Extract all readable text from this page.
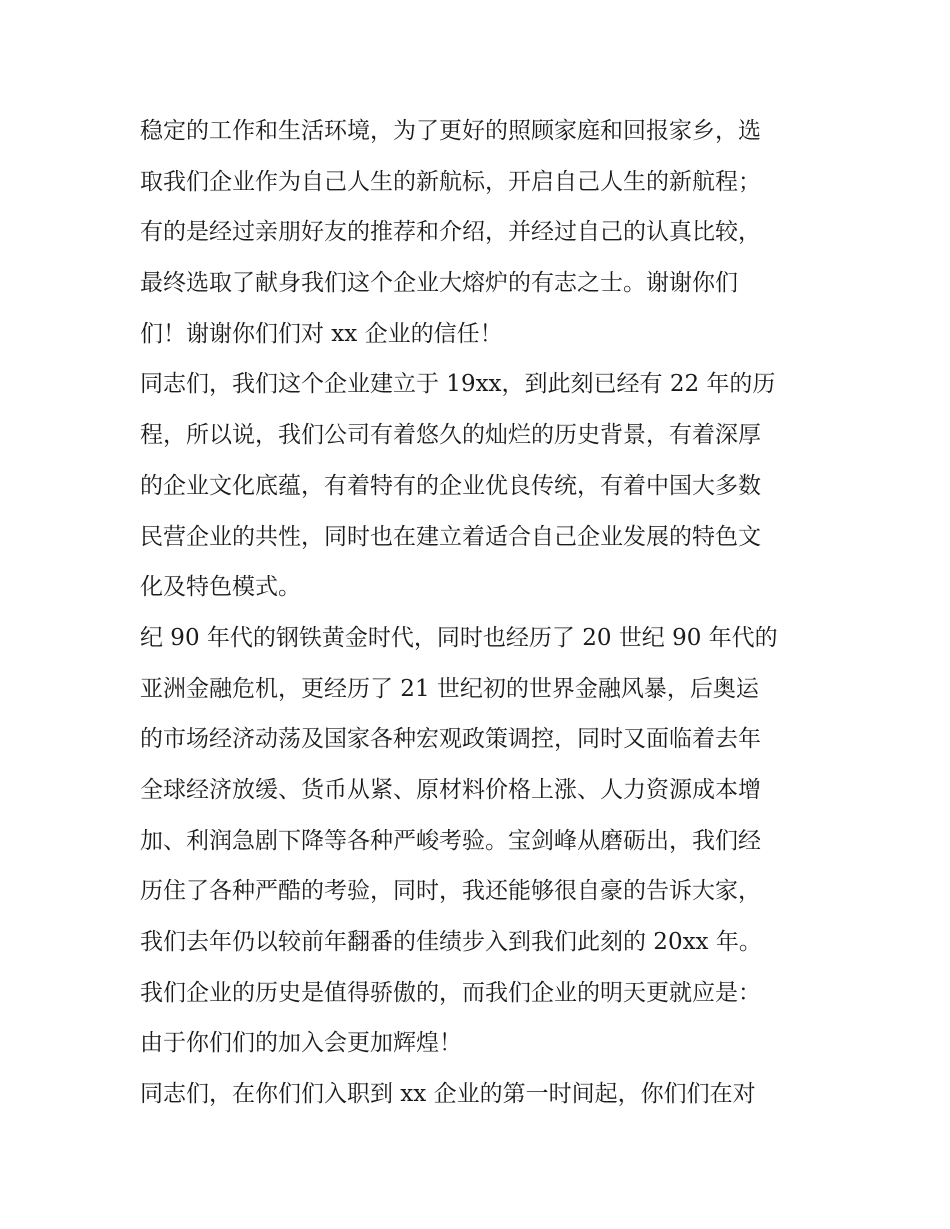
稳定的工作和生活环境，为了更好的照顾家庭和回报家乡，选
取我们企业作为自己人生的新航标，开启自己人生的新航程；
有的是经过亲朋好友的推荐和介绍，并经过自己的认真比较，
最终选取了献身我们这个企业大熔炉的有志之士。谢谢你们
们！谢谢你们们对 xx 企业的信任！
同志们，我们这个企业建立于 19xx，到此刻已经有 22 年的历
程，所以说，我们公司有着悠久的灿烂的历史背景，有着深厚
的企业文化底蕴，有着特有的企业优良传统，有着中国大多数
民营企业的共性，同时也在建立着适合自己企业发展的特色文
化及特色模式。
纪 90 年代的钢铁黄金时代，同时也经历了 20 世纪 90 年代的
亚洲金融危机，更经历了 21 世纪初的世界金融风暴，后奥运
的市场经济动荡及国家各种宏观政策调控，同时又面临着去年
全球经济放缓、货币从紧、原材料价格上涨、人力资源成本增
加、利润急剧下降等各种严峻考验。宝剑峰从磨砺出，我们经
历住了各种严酷的考验，同时，我还能够很自豪的告诉大家，
我们去年仍以较前年翻番的佳绩步入到我们此刻的 20xx 年。
我们企业的历史是值得骄傲的，而我们企业的明天更就应是：
由于你们们的加入会更加辉煌！
同志们，在你们们入职到 xx 企业的第一时间起，你们们在对
